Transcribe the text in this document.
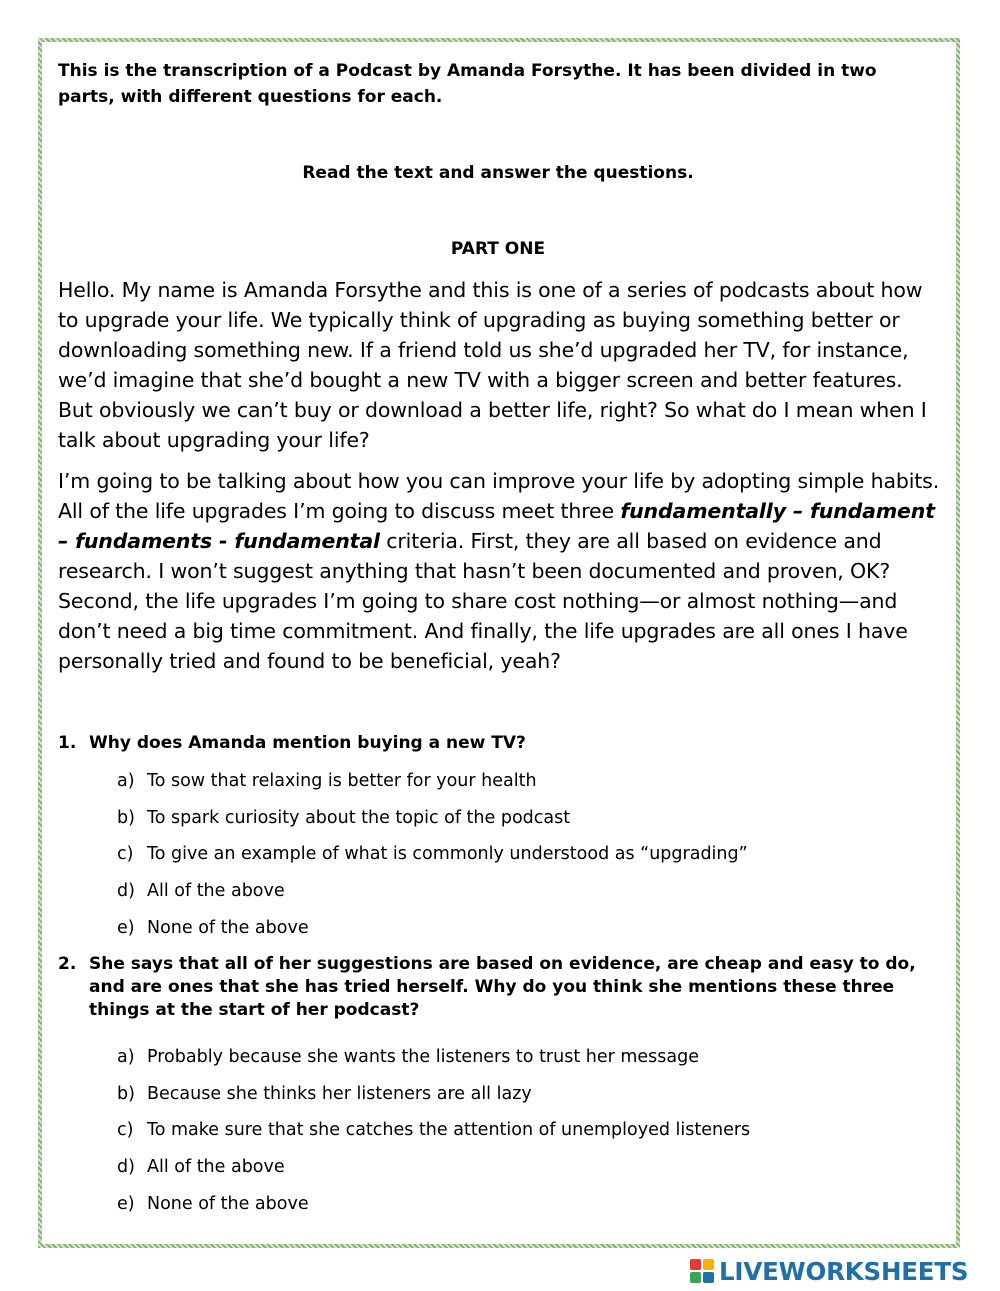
This is the transcription of a Podcast by Amanda Forsythe. It has been divided in two parts, with different questions for each.

Read the text and answer the questions.

PART ONE

Hello. My name is Amanda Forsythe and this is one of a series of podcasts about how to upgrade your life. We typically think of upgrading as buying something better or downloading something new. If a friend told us she’d upgraded her TV, for instance, we’d imagine that she’d bought a new TV with a bigger screen and better features. But obviously we can’t buy or download a better life, right? So what do I mean when I talk about upgrading your life?

I’m going to be talking about how you can improve your life by adopting simple habits. All of the life upgrades I’m going to discuss meet three fundamentally – fundament – fundaments - fundamental criteria. First, they are all based on evidence and research. I won’t suggest anything that hasn’t been documented and proven, OK? Second, the life upgrades I’m going to share cost nothing—or almost nothing—and don’t need a big time commitment. And finally, the life upgrades are all ones I have personally tried and found to be beneficial, yeah?

1. Why does Amanda mention buying a new TV?
a) To sow that relaxing is better for your health
b) To spark curiosity about the topic of the podcast
c) To give an example of what is commonly understood as “upgrading”
d) All of the above
e) None of the above
2. She says that all of her suggestions are based on evidence, are cheap and easy to do, and are ones that she has tried herself. Why do you think she mentions these three things at the start of her podcast?
a) Probably because she wants the listeners to trust her message
b) Because she thinks her listeners are all lazy
c) To make sure that she catches the attention of unemployed listeners
d) All of the above
e) None of the above
LIVEWORKSHEETS
